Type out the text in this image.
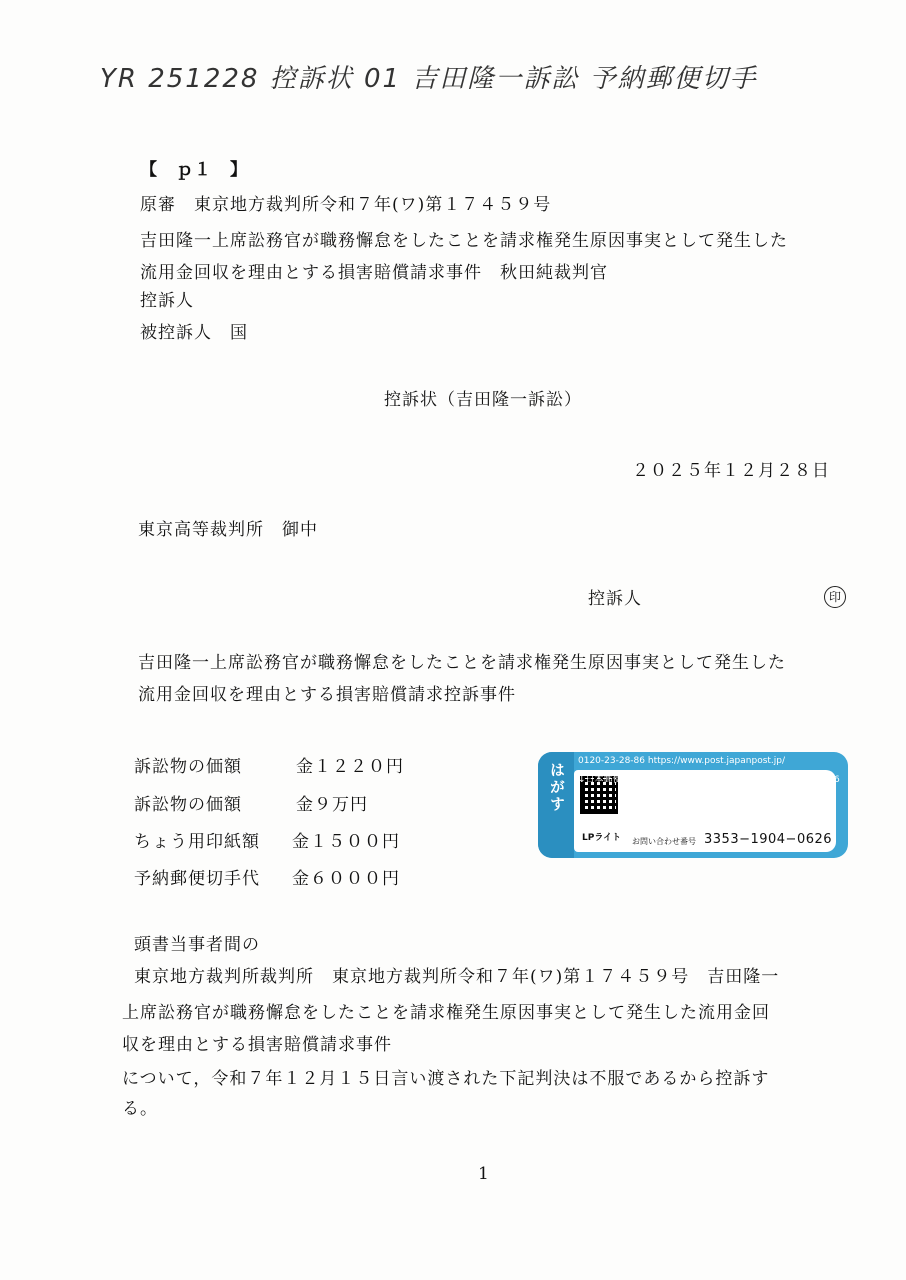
YR 251228 控訴状 01 吉田隆一訴訟 予納郵便切手
【　ｐ１　】
原審　東京地方裁判所令和７年(ワ)第１７４５９号
吉田隆一上席訟務官が職務懈怠をしたことを請求権発生原因事実として発生した
流用金回収を理由とする損害賠償請求事件　秋田純裁判官
控訴人
被控訴人　国
控訴状（吉田隆一訴訟）
２０２５年１２月２８日
東京高等裁判所　御中
控訴人	印
吉田隆一上席訟務官が職務懈怠をしたことを請求権発生原因事実として発生した
流用金回収を理由とする損害賠償請求控訴事件
訴訟物の価額	金１２２０円
訴訟物の価額	金９万円
ちょう用印紙額 金１５００円
予納郵便切手代 金６０００円
はがす
0120-23-28-86 https://www.post.japanpost.jp/
LPライト お問い合わせ番号 3353−1904−0626
↓日本郵便Webページはこちら。携帯電話からは0570-046-666
頭書当事者間の
東京地方裁判所裁判所　東京地方裁判所令和７年(ワ)第１７４５９号　吉田隆一
上席訟務官が職務懈怠をしたことを請求権発生原因事実として発生した流用金回
収を理由とする損害賠償請求事件
について，令和７年１２月１５日言い渡された下記判決は不服であるから控訴す
る。
1
